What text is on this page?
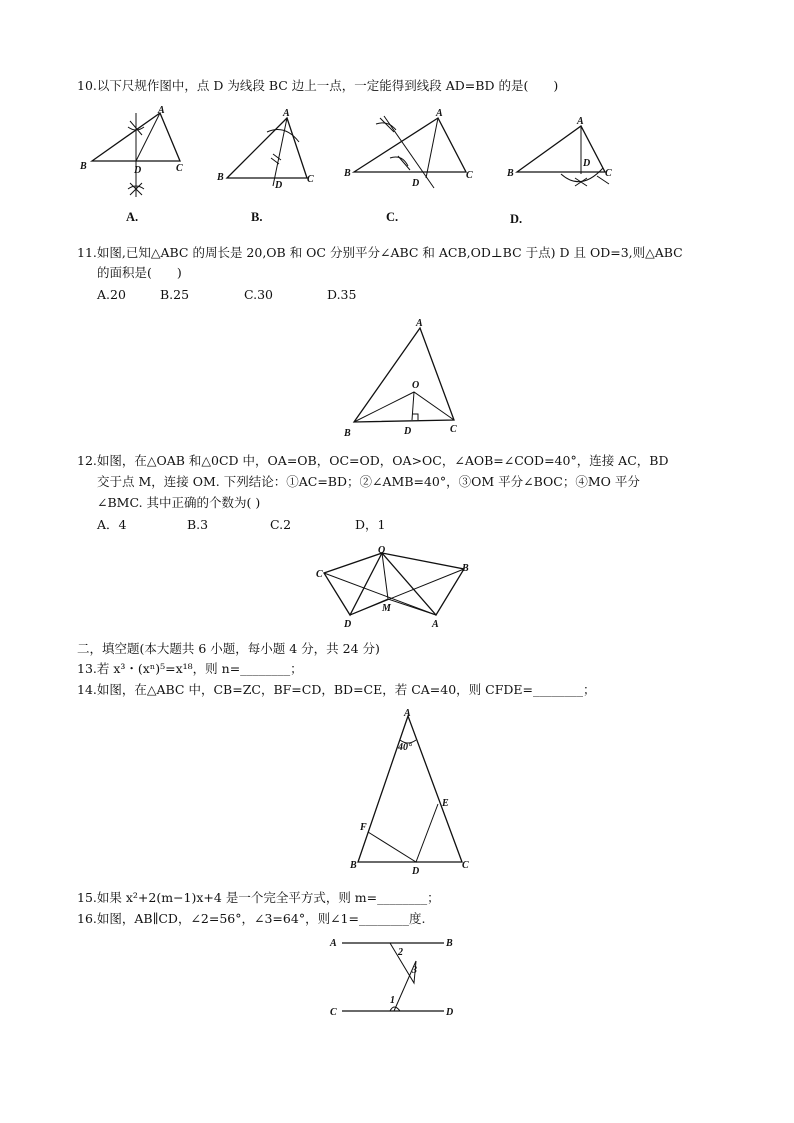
10.以下尺规作图中，点 D 为线段 BC 边上一点，一定能得到线段 AD=BD 的是(　　)
A
B	C
D
A.
A
B	C
D
B.
A
B	C
D
C.
A
B	C
D
D.
11.如图,已知△ABC 的周长是 20,OB 和 OC 分别平分∠ABC 和 ACB,OD⊥BC 于点) D 且 OD=3,则△ABC
的面积是(　　)
A.20	B.25	C.30	D.35
A
O
B	D	C
12.如图，在△OAB 和△0CD 中，OA=OB，OC=OD，OA>OC，∠AOB=∠COD=40°，连接 AC，BD
交于点 M，连接 OM. 下列结论：①AC=BD；②∠AMB=40°，③OM 平分∠BOC；④MO 平分
∠BMC. 其中正确的个数为( )
A．4	B.3	C.2	D，1
O
C
B
D
M
A
二，填空题(本大题共 6 小题，每小题 4 分，共 24 分)
13.若 x³・(xⁿ)⁵=x¹⁸，则 n=________；
14.如图，在△ABC 中，CB=ZC，BF=CD，BD=CE，若 CA=40，则 CFDE=________；
A
40°
E
F
B
D
C
15.如果 x²+2(m−1)x+4 是一个完全平方式，则 m=________；
16.如图，AB∥CD，∠2=56°，∠3=64°，则∠1=________度.
A	B
2
3
1
C	D
